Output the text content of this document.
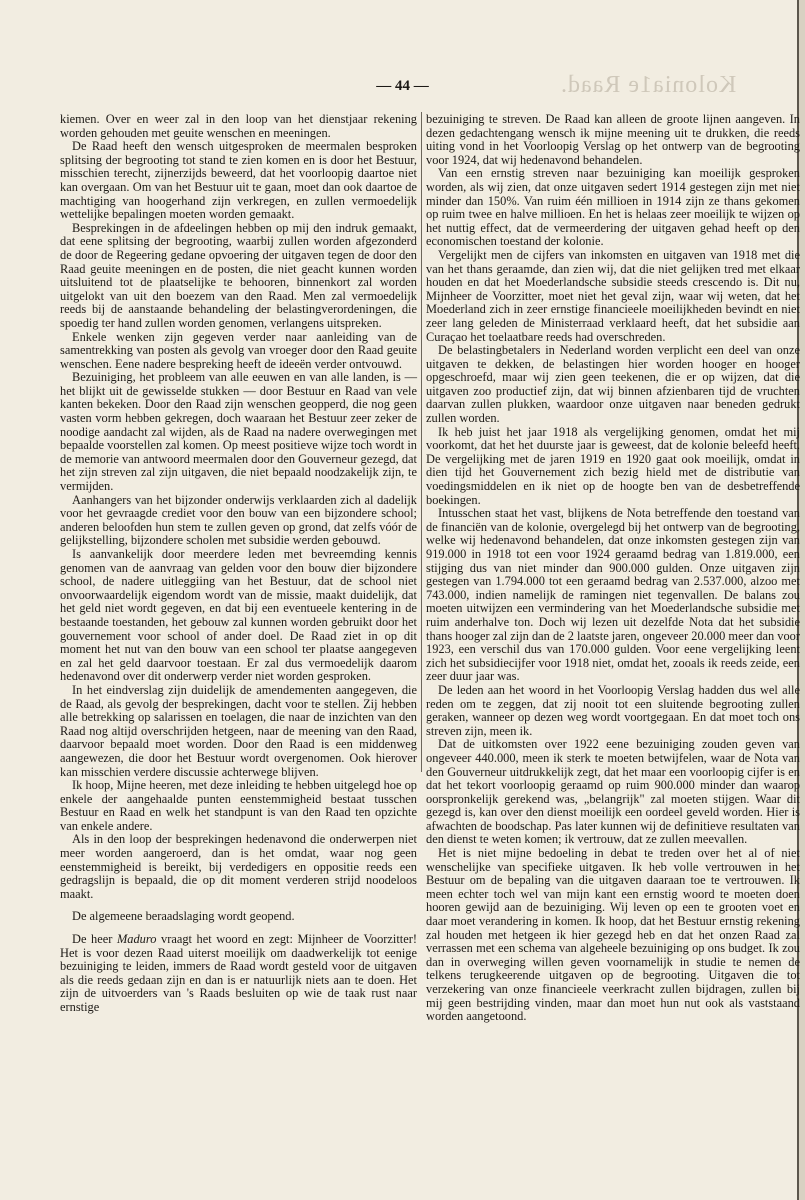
Kolonia1e Raad.
— 44 —

kiemen. Over en weer zal in den loop van het dienstjaar rekening worden gehouden met geuite wenschen en meeningen.

De Raad heeft den wensch uitgesproken de meermalen besproken splitsing der begrooting tot stand te zien komen en is door het Bestuur, misschien terecht, zijnerzijds beweerd, dat het voorloopig daartoe niet kan overgaan. Om van het Bestuur uit te gaan, moet dan ook daartoe de machtiging van hoogerhand zijn verkregen, en zullen vermoedelijk wettelijke bepalingen moeten worden gemaakt.

Besprekingen in de afdeelingen hebben op mij den indruk gemaakt, dat eene splitsing der begrooting, waarbij zullen worden afgezonderd de door de Regeering gedane opvoering der uitgaven tegen de door den Raad geuite meeningen en de posten, die niet geacht kunnen worden uitsluitend tot de plaatselijke te behooren, binnenkort zal worden uitgelokt van uit den boezem van den Raad. Men zal vermoedelijk reeds bij de aanstaande behandeling der belastingverordeningen, die spoedig ter hand zullen worden genomen, verlangens uitspreken.

Enkele wenken zijn gegeven verder naar aanleiding van de samentrekking van posten als gevolg van vroeger door den Raad geuite wenschen. Eene nadere bespreking heeft de ideeën verder ontvouwd.

Bezuiniging, het probleem van alle eeuwen en van alle landen, is — het blijkt uit de gewisselde stukken — door Bestuur en Raad van vele kanten bekeken. Door den Raad zijn wenschen geopperd, die nog geen vasten vorm hebben gekregen, doch waaraan het Bestuur zeer zeker de noodige aandacht zal wijden, als de Raad na nadere overwegingen met bepaalde voorstellen zal komen. Op meest positieve wijze toch wordt in de memorie van antwoord meermalen door den Gouverneur gezegd, dat het zijn streven zal zijn uitgaven, die niet bepaald noodzakelijk zijn, te vermijden.

Aanhangers van het bijzonder onderwijs verklaarden zich al dadelijk voor het gevraagde crediet voor den bouw van een bijzondere school; anderen beloofden hun stem te zullen geven op grond, dat zelfs vóór de gelijkstelling, bijzondere scholen met subsidie werden gebouwd.

Is aanvankelijk door meerdere leden met bevreemding kennis genomen van de aanvraag van gelden voor den bouw dier bijzondere school, de nadere uitleggiing van het Bestuur, dat de school niet onvoorwaardelijk eigendom wordt van de missie, maakt duidelijk, dat het geld niet wordt gegeven, en dat bij een eventueele kentering in de bestaande toestanden, het gebouw zal kunnen worden gebruikt door het gouvernement voor school of ander doel. De Raad ziet in op dit moment het nut van den bouw van een school ter plaatse aangegeven en zal het geld daarvoor toestaan. Er zal dus vermoedelijk daarom hedenavond over dit onderwerp verder niet worden gesproken.

In het eindverslag zijn duidelijk de amendementen aangegeven, die de Raad, als gevolg der besprekingen, dacht voor te stellen. Zij hebben alle betrekking op salarissen en toelagen, die naar de inzichten van den Raad nog altijd overschrijden hetgeen, naar de meening van den Raad, daarvoor bepaald moet worden. Door den Raad is een middenweg aangewezen, die door het Bestuur wordt overgenomen. Ook hierover kan misschien verdere discussie achterwege blijven.

Ik hoop, Mijne heeren, met deze inleiding te hebben uitgelegd hoe op enkele der aangehaalde punten eenstemmigheid bestaat tusschen Bestuur en Raad en welk het standpunt is van den Raad ten opzichte van enkele andere.

Als in den loop der besprekingen hedenavond die onderwerpen niet meer worden aangeroerd, dan is het omdat, waar nog geen eenstemmigheid is bereikt, bij verdedigers en oppositie reeds een gedragslijn is bepaald, die op dit moment verderen strijd noodeloos maakt.

De algemeene beraadslaging wordt geopend.

De heer Maduro vraagt het woord en zegt: Mijnheer de Voorzitter! Het is voor dezen Raad uiterst moeilijk om daadwerkelijk tot eenige bezuiniging te leiden, immers de Raad wordt gesteld voor de uitgaven als die reeds gedaan zijn en dan is er natuurlijk niets aan te doen. Het zijn de uitvoerders van 's Raads besluiten op wie de taak rust naar ernstige

bezuiniging te streven. De Raad kan alleen de groote lijnen aangeven. In dezen gedachtengang wensch ik mijne meening uit te drukken, die reeds uiting vond in het Voorloopig Verslag op het ontwerp van de begrooting voor 1924, dat wij hedenavond behandelen.

Van een ernstig streven naar bezuiniging kan moeilijk gesproken worden, als wij zien, dat onze uitgaven sedert 1914 gestegen zijn met niet minder dan 150%. Van ruim één millioen in 1914 zijn ze thans gekomen op ruim twee en halve millioen. En het is helaas zeer moeilijk te wijzen op het nuttig effect, dat de vermeerdering der uitgaven gehad heeft op den economischen toestand der kolonie.

Vergelijkt men de cijfers van inkomsten en uitgaven van 1918 met die van het thans geraamde, dan zien wij, dat die niet gelijken tred met elkaar houden en dat het Moederlandsche subsidie steeds crescendo is. Dit nu, Mijnheer de Voorzitter, moet niet het geval zijn, waar wij weten, dat het Moederland zich in zeer ernstige financieele moeilijkheden bevindt en niet zeer lang geleden de Ministerraad verklaard heeft, dat het subsidie aan Curaçao het toelaatbare reeds had overschreden.

De belastingbetalers in Nederland worden verplicht een deel van onze uitgaven te dekken, de belastingen hier worden hooger en hooger opgeschroefd, maar wij zien geen teekenen, die er op wijzen, dat die uitgaven zoo productief zijn, dat wij binnen afzienbaren tijd de vruchten daarvan zullen plukken, waardoor onze uitgaven naar beneden gedrukt zullen worden.

Ik heb juist het jaar 1918 als vergelijking genomen, omdat het mij voorkomt, dat het het duurste jaar is geweest, dat de kolonie beleefd heeft. De vergelijking met de jaren 1919 en 1920 gaat ook moeilijk, omdat in dien tijd het Gouvernement zich bezig hield met de distributie van voedingsmiddelen en ik niet op de hoogte ben van de desbetreffende boekingen.

Intusschen staat het vast, blijkens de Nota betreffende den toestand van de financiën van de kolonie, overgelegd bij het ontwerp van de begrooting, welke wij hedenavond behandelen, dat onze inkomsten gestegen zijn van 919.000 in 1918 tot een voor 1924 geraamd bedrag van 1.819.000, een stijging dus van niet minder dan 900.000 gulden. Onze uitgaven zijn gestegen van 1.794.000 tot een geraamd bedrag van 2.537.000, alzoo met 743.000, indien namelijk de ramingen niet tegenvallen. De balans zou moeten uitwijzen een vermindering van het Moederlandsche subsidie met ruim anderhalve ton. Doch wij lezen uit dezelfde Nota dat het subsidie thans hooger zal zijn dan de 2 laatste jaren, ongeveer 20.000 meer dan voor 1923, een verschil dus van 170.000 gulden. Voor eene vergelijking leent zich het subsidiecijfer voor 1918 niet, omdat het, zooals ik reeds zeide, een zeer duur jaar was.

De leden aan het woord in het Voorloopig Verslag hadden dus wel alle reden om te zeggen, dat zij nooit tot een sluitende begrooting zullen geraken, wanneer op dezen weg wordt voortgegaan. En dat moet toch ons streven zijn, meen ik.

Dat de uitkomsten over 1922 eene bezuiniging zouden geven van ongeveer 440.000, meen ik sterk te moeten betwijfelen, waar de Nota van den Gouverneur uitdrukkelijk zegt, dat het maar een voorloopig cijfer is en dat het tekort voorloopig geraamd op ruim 900.000 minder dan waarop oorspronkelijk gerekend was, „belangrijk" zal moeten stijgen. Waar dit gezegd is, kan over den dienst moeilijk een oordeel geveld worden. Hier is afwachten de boodschap. Pas later kunnen wij de definitieve resultaten van den dienst te weten komen; ik vertrouw, dat ze zullen meevallen.

Het is niet mijne bedoeling in debat te treden over het al of niet wenschelijke van specifieke uitgaven. Ik heb volle vertrouwen in het Bestuur om de bepaling van die uitgaven daaraan toe te vertrouwen. Ik meen echter toch wel van mijn kant een ernstig woord te moeten doen hooren gewijd aan de bezuiniging. Wij leven op een te grooten voet en daar moet verandering in komen. Ik hoop, dat het Bestuur ernstig rekening zal houden met hetgeen ik hier gezegd heb en dat het onzen Raad zal verrassen met een schema van algeheele bezuiniging op ons budget. Ik zou dan in overweging willen geven voornamelijk in studie te nemen de telkens terugkeerende uitgaven op de begrooting. Uitgaven die tot verzekering van onze financieele veerkracht zullen bijdragen, zullen bij mij geen bestrijding vinden, maar dan moet hun nut ook als vaststaand worden aangetoond.
